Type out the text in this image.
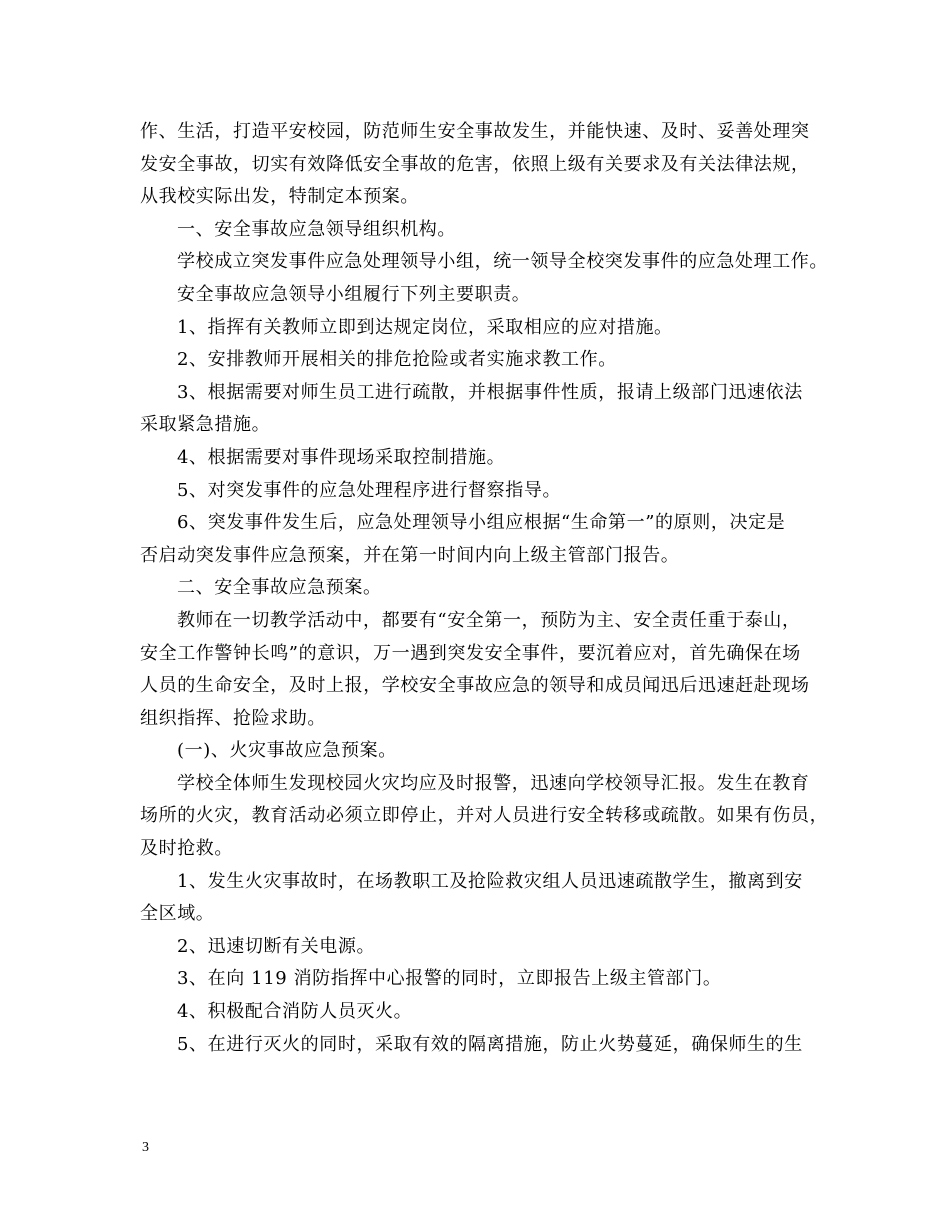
作、生活，打造平安校园，防范师生安全事故发生，并能快速、及时、妥善处理突
发安全事故，切实有效降低安全事故的危害，依照上级有关要求及有关法律法规，
从我校实际出发，特制定本预案。
一、安全事故应急领导组织机构。
学校成立突发事件应急处理领导小组，统一领导全校突发事件的应急处理工作。
安全事故应急领导小组履行下列主要职责。
1、指挥有关教师立即到达规定岗位，采取相应的应对措施。
2、安排教师开展相关的排危抢险或者实施求教工作。
3、根据需要对师生员工进行疏散，并根据事件性质，报请上级部门迅速依法
采取紧急措施。
4、根据需要对事件现场采取控制措施。
5、对突发事件的应急处理程序进行督察指导。
6、突发事件发生后，应急处理领导小组应根据“生命第一”的原则，决定是
否启动突发事件应急预案，并在第一时间内向上级主管部门报告。
二、安全事故应急预案。
教师在一切教学活动中，都要有“安全第一，预防为主、安全责任重于泰山，
安全工作警钟长鸣”的意识，万一遇到突发安全事件，要沉着应对，首先确保在场
人员的生命安全，及时上报，学校安全事故应急的领导和成员闻迅后迅速赶赴现场
组织指挥、抢险求助。
(一)、火灾事故应急预案。
学校全体师生发现校园火灾均应及时报警，迅速向学校领导汇报。发生在教育
场所的火灾，教育活动必须立即停止，并对人员进行安全转移或疏散。如果有伤员，
及时抢救。
1、发生火灾事故时，在场教职工及抢险救灾组人员迅速疏散学生，撤离到安
全区域。
2、迅速切断有关电源。
3、在向 119 消防指挥中心报警的同时，立即报告上级主管部门。
4、积极配合消防人员灭火。
5、在进行灭火的同时，采取有效的隔离措施，防止火势蔓延，确保师生的生
3
